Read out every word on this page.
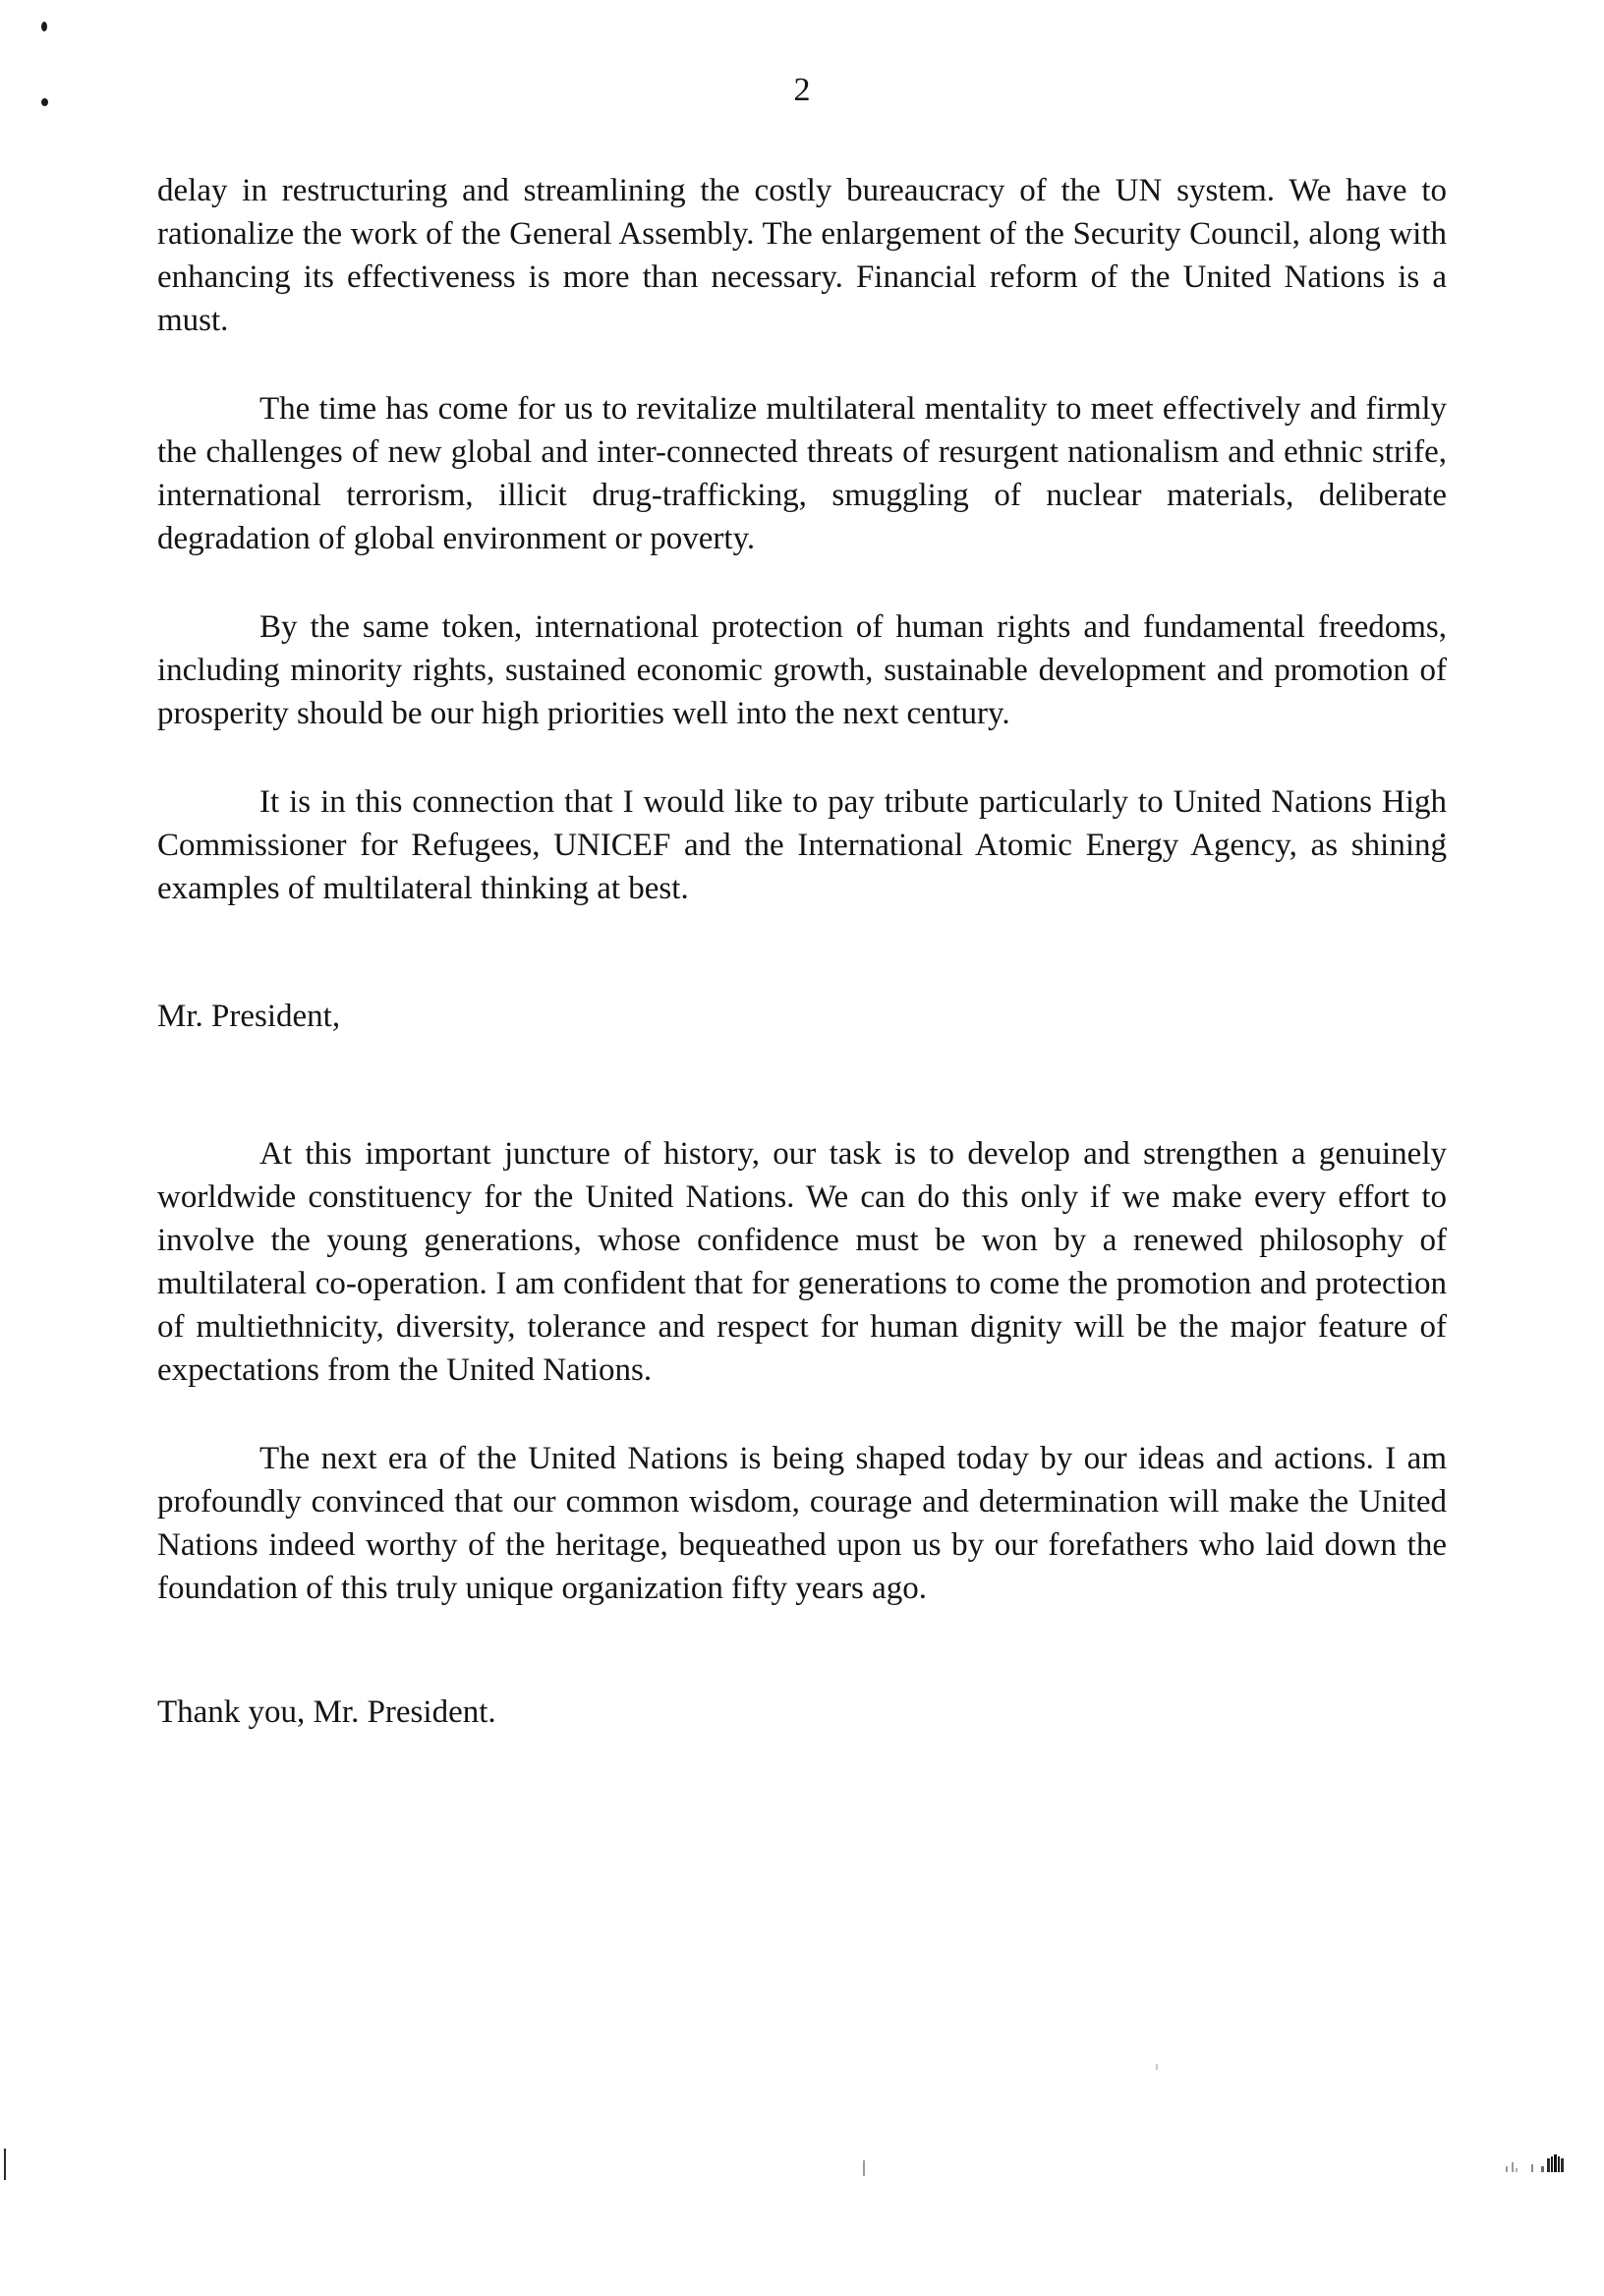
2

delay in restructuring and streamlining the costly bureaucracy of the UN system. We have to rationalize the work of the General Assembly. The enlargement of the Security Council, along with enhancing its effectiveness is more than necessary. Financial reform of the United Nations is a must.

The time has come for us to revitalize multilateral mentality to meet effectively and firmly the challenges of new global and inter-connected threats of resurgent nationalism and ethnic strife, international terrorism, illicit drug-trafficking, smuggling of nuclear materials, deliberate degradation of global environment or poverty.

By the same token, international protection of human rights and fundamental freedoms, including minority rights, sustained economic growth, sustainable development and promotion of prosperity should be our high priorities well into the next century.

It is in this connection that I would like to pay tribute particularly to United Nations High Commissioner for Refugees, UNICEF and the International Atomic Energy Agency, as shining examples of multilateral thinking at best.

Mr. President,

At this important juncture of history, our task is to develop and strengthen a genuinely worldwide constituency for the United Nations. We can do this only if we make every effort to involve the young generations, whose confidence must be won by a renewed philosophy of multilateral co-operation. I am confident that for generations to come the promotion and protection of multiethnicity, diversity, tolerance and respect for human dignity will be the major feature of expectations from the United Nations.

The next era of the United Nations is being shaped today by our ideas and actions. I am profoundly convinced that our common wisdom, courage and determination will make the United Nations indeed worthy of the heritage, bequeathed upon us by our forefathers who laid down the foundation of this truly unique organization fifty years ago.

Thank you, Mr. President.
